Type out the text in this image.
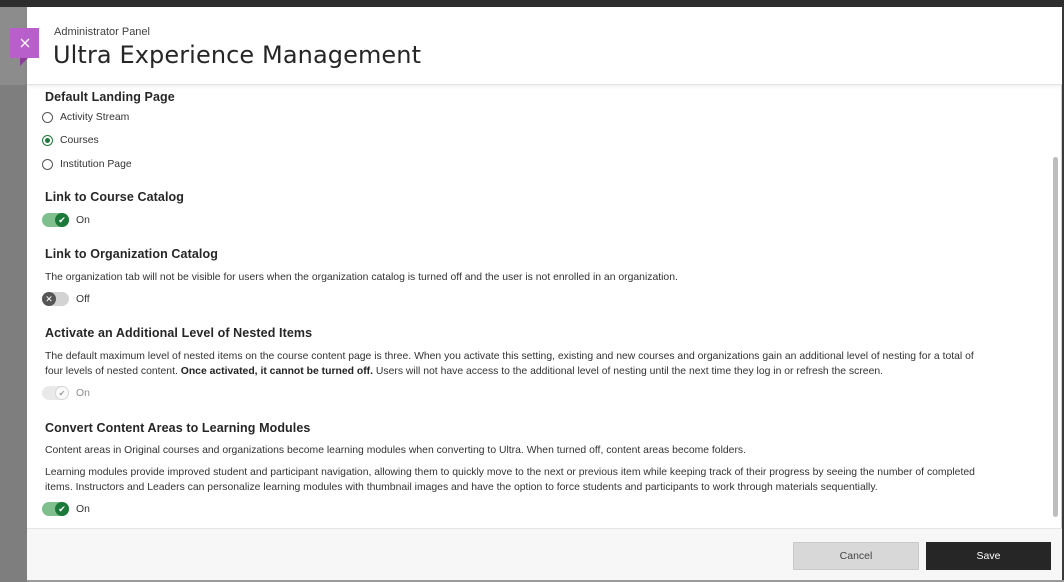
Administrator Panel
Ultra Experience Management
Default Landing Page
Activity Stream
Courses
Institution Page
Link to Course Catalog
✔ On
Link to Organization Catalog
The organization tab will not be visible for users when the organization catalog is turned off and the user is not enrolled in an organization.
✕	Off
Activate an Additional Level of Nested Items
The default maximum level of nested items on the course content page is three. When you activate this setting, existing and new courses and organizations gain an additional level of nesting for a total of
four levels of nested content. Once activated, it cannot be turned off. Users will not have access to the additional level of nesting until the next time they log in or refresh the screen.
✔	On
Convert Content Areas to Learning Modules
Content areas in Original courses and organizations become learning modules when converting to Ultra. When turned off, content areas become folders.
Learning modules provide improved student and participant navigation, allowing them to quickly move to the next or previous item while keeping track of their progress by seeing the number of completed
items. Instructors and Leaders can personalize learning modules with thumbnail images and have the option to force students and participants to work through materials sequentially.
✔ On
Cancel	Save
